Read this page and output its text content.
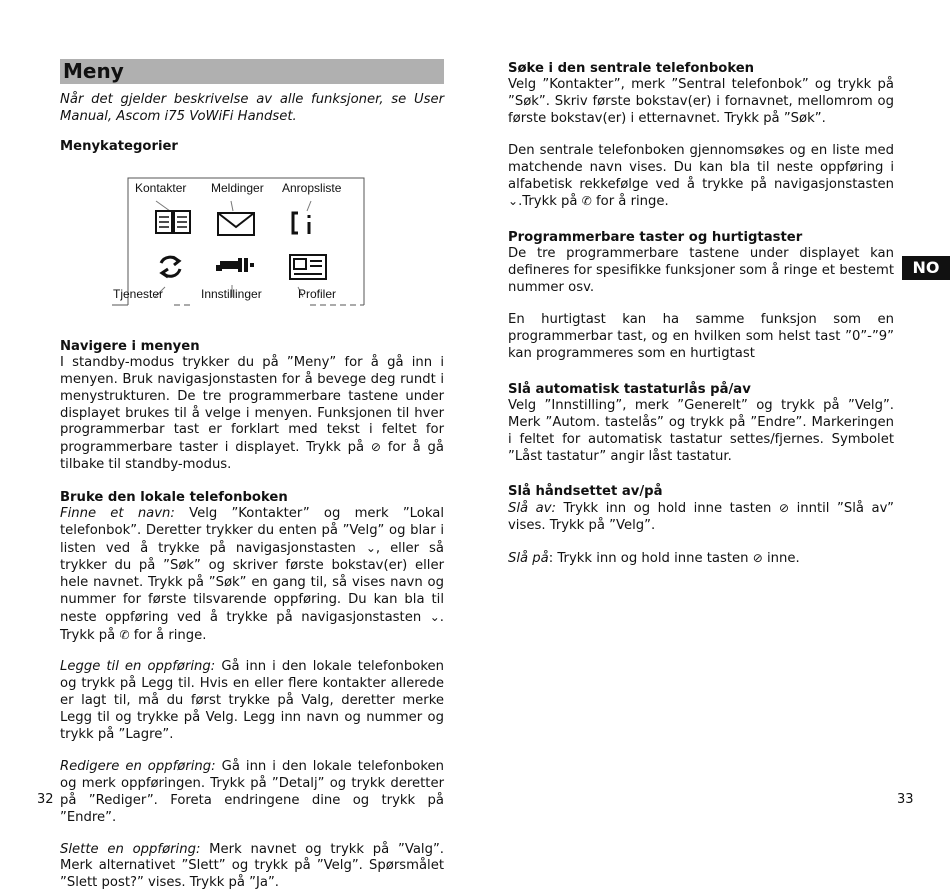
Meny

Når det gjelder beskrivelse av alle funksjoner, se User Manual, Ascom i75 VoWiFi Handset.

Menykategorier
Kontakter Meldinger Anropsliste
Tjenester	Innstillinger	Profiler
Navigere i menyen

I standby-modus trykker du på ”Meny” for å gå inn i menyen. Bruk navigasjonstasten for å bevege deg rundt i menystrukturen. De tre programmerbare tastene under displayet brukes til å velge i menyen. Funksjonen til hver programmerbar tast er forklart med tekst i feltet for programmerbare taster i displayet. Trykk på ⊘ for å gå tilbake til standby-modus.

Bruke den lokale telefonboken

Finne et navn: Velg ”Kontakter” og merk ”Lokal telefonbok”. Deretter trykker du enten på ”Velg” og blar i listen ved å trykke på navigasjonstasten ⌄, eller så trykker du på ”Søk” og skriver første bokstav(er) eller hele navnet. Trykk på ”Søk” en gang til, så vises navn og nummer for første tilsvarende oppføring. Du kan bla til neste oppføring ved å trykke på navigasjonstasten ⌄. Trykk på ✆ for å ringe.

Legge til en oppføring: Gå inn i den lokale telefonboken og trykk på Legg til. Hvis en eller flere kontakter allerede er lagt til, må du først trykke på Valg, deretter merke Legg til og trykke på Velg. Legg inn navn og nummer og trykk på ”Lagre”.

Redigere en oppføring: Gå inn i den lokale telefonboken og merk oppføringen. Trykk på ”Detalj” og trykk deretter på ”Rediger”. Foreta endringene dine og trykk på ”Endre”.

Slette en oppføring: Merk navnet og trykk på ”Valg”. Merk alternativet ”Slett” og trykk på ”Velg”. Spørsmålet ”Slett post?” vises. Trykk på ”Ja”.

Søke i den sentrale telefonboken

Velg ”Kontakter”, merk ”Sentral telefonbok” og trykk på ”Søk”. Skriv første bokstav(er) i fornavnet, mellomrom og første bokstav(er) i etternavnet. Trykk på ”Søk”.

Den sentrale telefonboken gjennomsøkes og en liste med matchende navn vises. Du kan bla til neste oppføring i alfabetisk rekkefølge ved å trykke på navigasjonstasten ⌄.Trykk på ✆ for å ringe.

Programmerbare taster og hurtigtaster

De tre programmerbare tastene under displayet kan defineres for spesifikke funksjoner som å ringe et bestemt nummer osv.

En hurtigtast kan ha samme funksjon som en programmerbar tast, og en hvilken som helst tast ”0”-”9” kan programmeres som en hurtigtast

Slå automatisk tastaturlås på/av

Velg ”Innstilling”, merk ”Generelt” og trykk på ”Velg”. Merk ”Autom. tastelås” og trykk på ”Endre”. Markeringen i feltet for automatisk tastatur settes/fjernes. Symbolet ”Låst tastatur” angir låst tastatur.

Slå håndsettet av/på

Slå av: Trykk inn og hold inne tasten ⊘ inntil ”Slå av” vises. Trykk på ”Velg”.

Slå på: Trykk inn og hold inne tasten ⊘ inne.

NO
32	33
